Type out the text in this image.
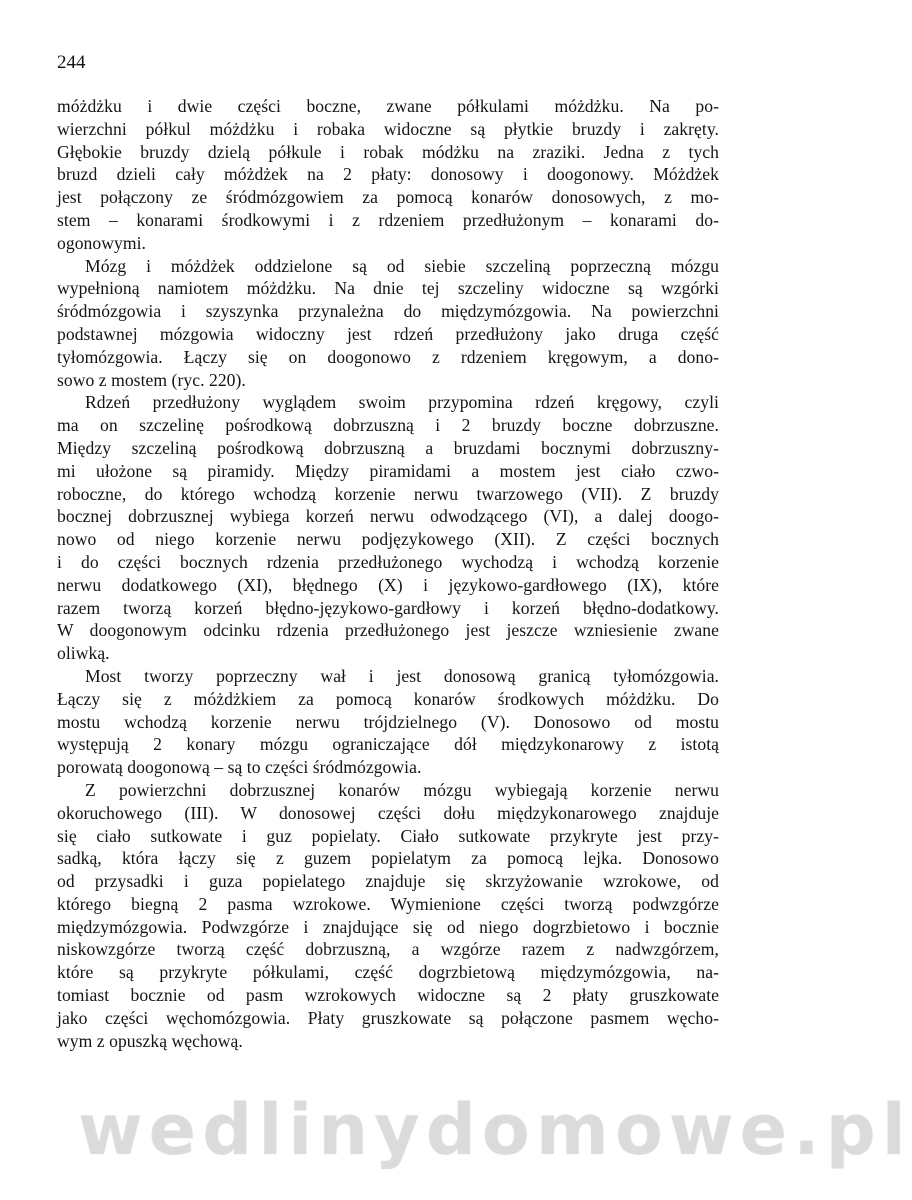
244
móżdżku i dwie części boczne, zwane półkulami móżdżku. Na po-
wierzchni półkul móżdżku i robaka widoczne są płytkie bruzdy i zakręty.
Głębokie bruzdy dzielą półkule i robak módżku na zraziki. Jedna z tych
bruzd dzieli cały móżdżek na 2 płaty: donosowy i doogonowy. Móżdżek
jest połączony ze śródmózgowiem za pomocą konarów donosowych, z mo-
stem – konarami środkowymi i z rdzeniem przedłużonym – konarami do-
ogonowymi.
Mózg i móżdżek oddzielone są od siebie szczeliną poprzeczną mózgu
wypełnioną namiotem móżdżku. Na dnie tej szczeliny widoczne są wzgórki
śródmózgowia i szyszynka przynależna do międzymózgowia. Na powierzchni
podstawnej mózgowia widoczny jest rdzeń przedłużony jako druga część
tyłomózgowia. Łączy się on doogonowo z rdzeniem kręgowym, a dono-
sowo z mostem (ryc. 220).
Rdzeń przedłużony wyglądem swoim przypomina rdzeń kręgowy, czyli
ma on szczelinę pośrodkową dobrzuszną i 2 bruzdy boczne dobrzuszne.
Między szczeliną pośrodkową dobrzuszną a bruzdami bocznymi dobrzuszny-
mi ułożone są piramidy. Między piramidami a mostem jest ciało czwo-
roboczne, do którego wchodzą korzenie nerwu twarzowego (VII). Z bruzdy
bocznej dobrzusznej wybiega korzeń nerwu odwodzącego (VI), a dalej doogo-
nowo od niego korzenie nerwu podjęzykowego (XII). Z części bocznych
i do części bocznych rdzenia przedłużonego wychodzą i wchodzą korzenie
nerwu dodatkowego (XI), błędnego (X) i językowo-gardłowego (IX), które
razem tworzą korzeń błędno-językowo-gardłowy i korzeń błędno-dodatkowy.
W doogonowym odcinku rdzenia przedłużonego jest jeszcze wzniesienie zwane
oliwką.
Most tworzy poprzeczny wał i jest donosową granicą tyłomózgowia.
Łączy się z móżdżkiem za pomocą konarów środkowych móżdżku. Do
mostu wchodzą korzenie nerwu trójdzielnego (V). Donosowo od mostu
występują 2 konary mózgu ograniczające dół międzykonarowy z istotą
porowatą doogonową – są to części śródmózgowia.
Z powierzchni dobrzusznej konarów mózgu wybiegają korzenie nerwu
okoruchowego (III). W donosowej części dołu międzykonarowego znajduje
się ciało sutkowate i guz popielaty. Ciało sutkowate przykryte jest przy-
sadką, która łączy się z guzem popielatym za pomocą lejka. Donosowo
od przysadki i guza popielatego znajduje się skrzyżowanie wzrokowe, od
którego biegną 2 pasma wzrokowe. Wymienione części tworzą podwzgórze
międzymózgowia. Podwzgórze i znajdujące się od niego dogrzbietowo i bocznie
niskowzgórze tworzą część dobrzuszną, a wzgórze razem z nadwzgórzem,
które są przykryte półkulami, część dogrzbietową międzymózgowia, na-
tomiast bocznie od pasm wzrokowych widoczne są 2 płaty gruszkowate
jako części węchomózgowia. Płaty gruszkowate są połączone pasmem węcho-
wym z opuszką węchową.
wedlinydomowe.pl
